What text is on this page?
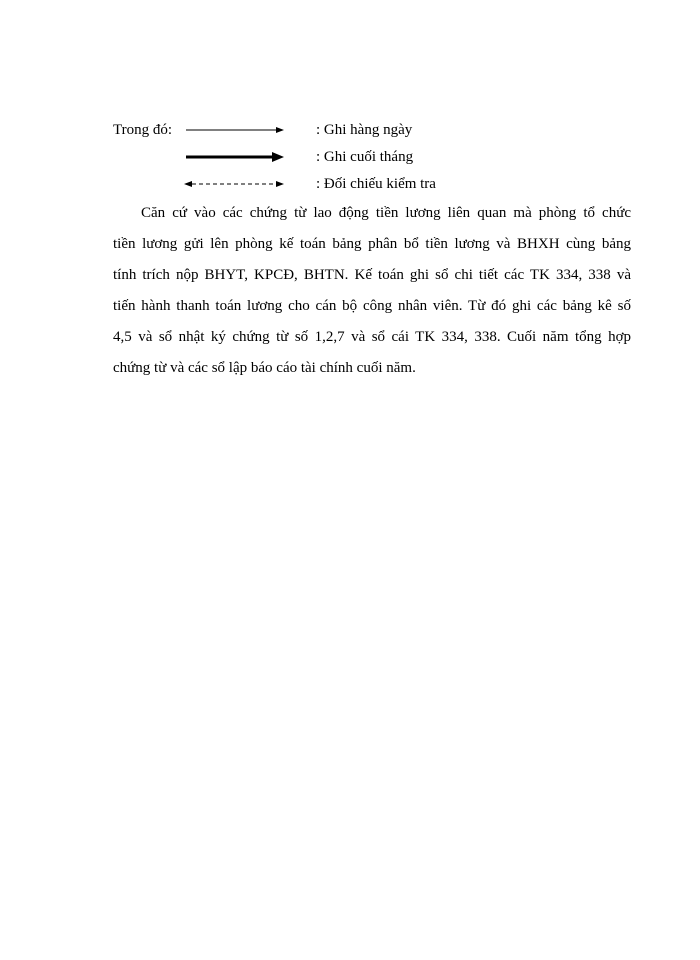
Trong đó:	: Ghi hàng ngày
: Ghi cuối tháng
: Đối chiếu kiểm tra
Căn cứ vào các chứng từ lao động tiền lương liên quan mà phòng tổ chức
tiền lương gửi lên phòng kế toán bảng phân bổ tiền lương và BHXH cùng bảng
tính trích nộp BHYT, KPCĐ, BHTN. Kế toán ghi sổ chi tiết các TK 334, 338 và
tiến hành thanh toán lương cho cán bộ công nhân viên. Từ đó ghi các bảng kê số
4,5 và sổ nhật ký chứng từ số 1,2,7 và sổ cái TK 334, 338. Cuối năm tổng hợp
chứng từ và các sổ lập báo cáo tài chính cuối năm.
